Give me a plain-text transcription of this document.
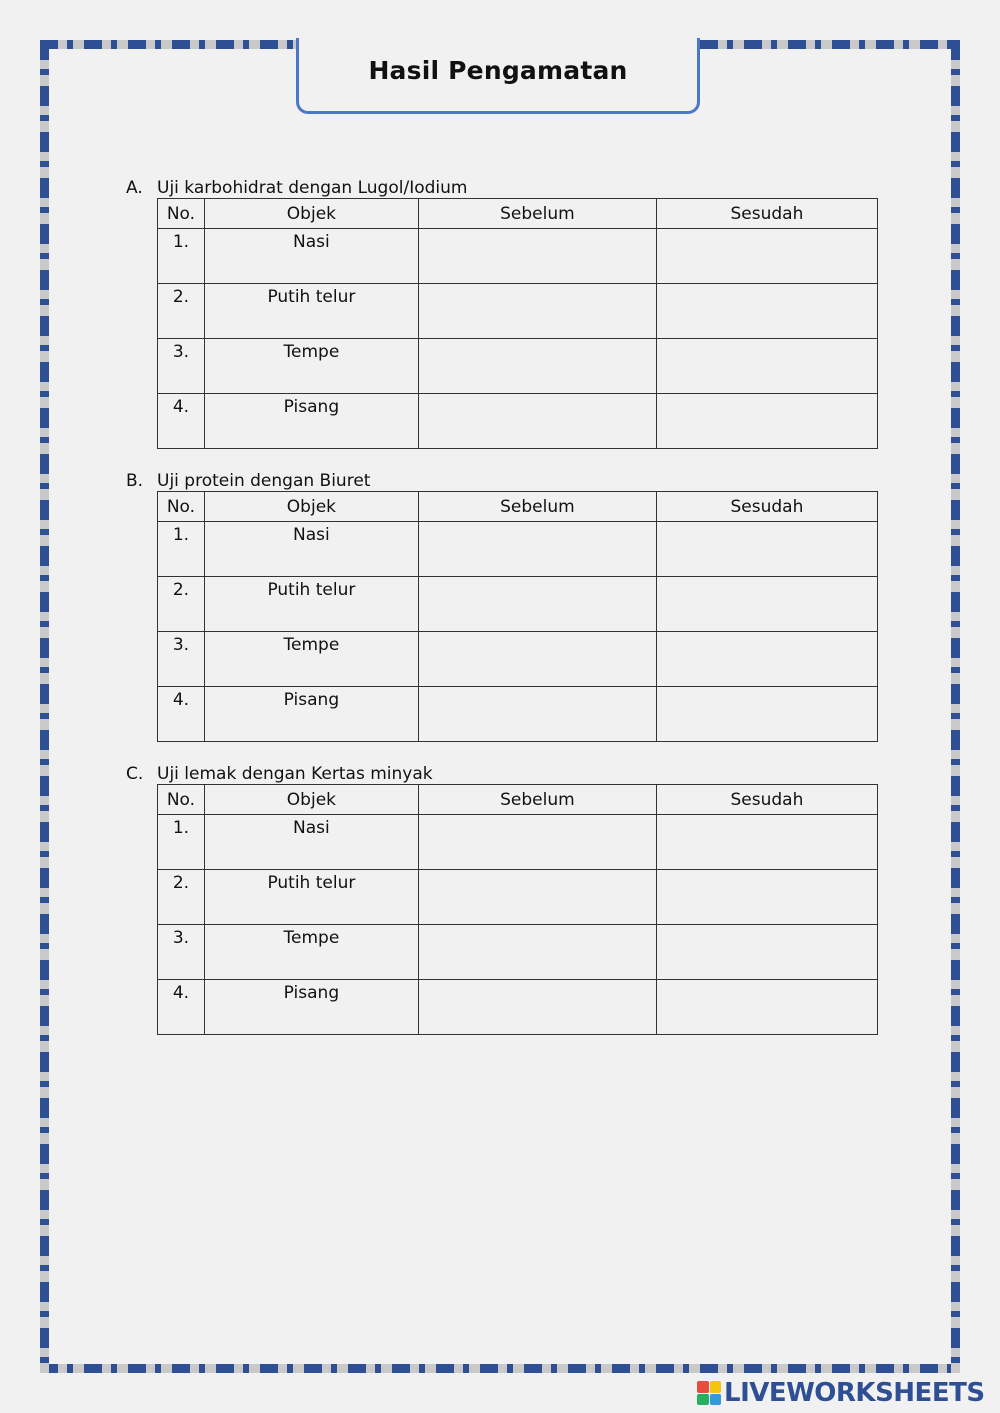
Hasil Pengamatan
A. Uji karbohidrat dengan Lugol/Iodium
No.	Objek	Sebelum	Sesudah
1.	Nasi		
2.	Putih telur		
3.	Tempe		
4.	Pisang		
B. Uji protein dengan Biuret
No.	Objek	Sebelum	Sesudah
1.	Nasi		
2.	Putih telur		
3.	Tempe		
4.	Pisang		
C. Uji lemak dengan Kertas minyak
No.	Objek	Sebelum	Sesudah
1.	Nasi		
2.	Putih telur		
3.	Tempe		
4.	Pisang		
LIVEWORKSHEETS
